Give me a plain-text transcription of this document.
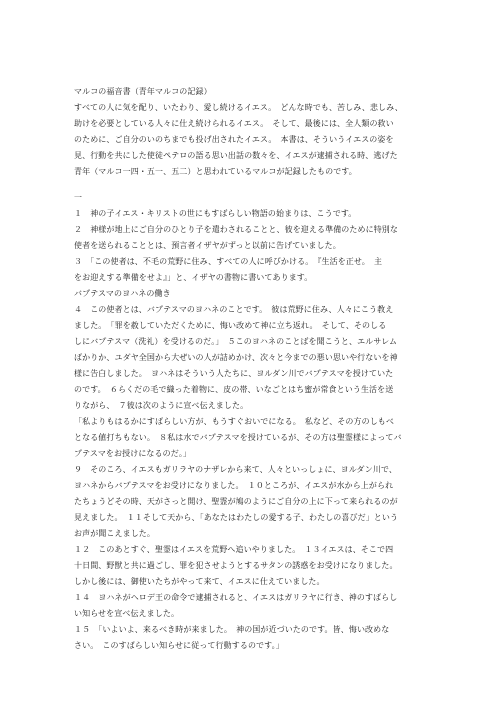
マルコの福音書（青年マルコの記録）
すべての人に気を配り、いたわり、愛し続けるイエス。　どんな時でも、苦しみ、悲しみ、
助けを必要としている人々に仕え続けられるイエス。　そして、最後には、全人類の救い
のために、ご自分のいのちまでも投げ出されたイエス。　本書は、そういうイエスの姿を
見、行動を共にした使徒ペテロの語る思い出話の数々を、イエスが逮捕される時、逃げた
青年（マルコ一四・五一、五二）と思われているマルコが記録したものです。
一
１　神の子イエス・キリストの世にもすばらしい物語の始まりは、こうです。
２　神様が地上にご自分のひとり子を遣わされることと、彼を迎える準備のために特別な
使者を送られることとは、預言者イザヤがずっと以前に告げていました。
３　「この使者は、不毛の荒野に住み、すべての人に呼びかける。　『生活を正せ。　主
をお迎えする準備をせよ』」と、イザヤの書物に書いてあります。
バプテスマのヨハネの働き
４　この使者とは、バプテスマのヨハネのことです。　彼は荒野に住み、人々にこう教え
ました。　「罪を赦していただくために、悔い改めて神に立ち返れ。　そして、そのしる
しにバプテスマ（洗礼）を受けるのだ。」　５このヨハネのことばを聞こうと、エルサレム
ばかりか、ユダヤ全国から大ぜいの人が詰めかけ、次々と今までの悪い思いや行ないを神
様に告白しました。　ヨハネはそういう人たちに、ヨルダン川でバプテスマを授けていた
のです。　６らくだの毛で織った着物に、皮の帯、いなごとはち蜜が常食という生活を送
りながら、　７彼は次のように宣べ伝えました。
「私よりもはるかにすばらしい方が、もうすぐおいでになる。　私など、その方のしもべ
となる値打ちもない。　８私は水でバプテスマを授けているが、その方は聖霊様によってバ
プテスマをお授けになるのだ。」
９　そのころ、イエスもガリラヤのナザレから来て、人々といっしょに、ヨルダン川で、
ヨハネからバプテスマをお受けになりました。　１０ところが、イエスが水から上がられ
たちょうどその時、天がさっと開け、聖霊が鳩のようにご自分の上に下って来られるのが
見えました。　１１そして天から、「あなたはわたしの愛する子、わたしの喜びだ」という
お声が聞こえました。
１２　このあとすぐ、聖霊はイエスを荒野へ追いやりました。　１３イエスは、そこで四
十日間、野獣と共に過ごし、罪を犯させようとするサタンの誘惑をお受けになりました。
しかし後には、御使いたちがやって来て、イエスに仕えていました。
１４　ヨハネがヘロデ王の命令で逮捕されると、イエスはガリラヤに行き、神のすばらし
い知らせを宣べ伝えました。
１５　「いよいよ、来るべき時が来ました。　神の国が近づいたのです。皆、悔い改めな
さい。　このすばらしい知らせに従って行動するのです。」
